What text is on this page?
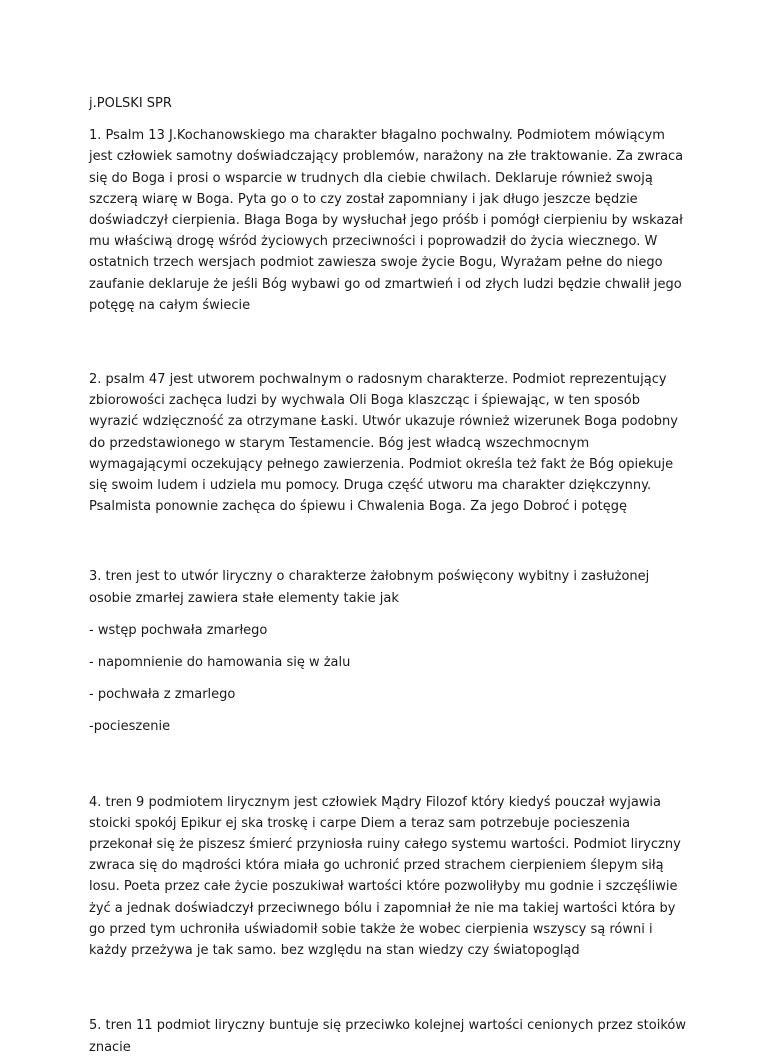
j.POLSKI SPR

1. Psalm 13 J.Kochanowskiego ma charakter błagalno pochwalny. Podmiotem mówiącym jest człowiek samotny doświadczający problemów, narażony na złe traktowanie. Za zwraca się do Boga i prosi o wsparcie w trudnych dla ciebie chwilach. Deklaruje również swoją szczerą wiarę w Boga. Pyta go o to czy został zapomniany i jak długo jeszcze będzie doświadczył cierpienia. Błaga Boga by wysłuchał jego próśb i pomógł cierpieniu by wskazał mu właściwą drogę wśród życiowych przeciwności i poprowadził do życia wiecznego. W ostatnich trzech wersjach podmiot zawiesza swoje życie Bogu, Wyrażam pełne do niego zaufanie deklaruje że jeśli Bóg wybawi go od zmartwień i od złych ludzi będzie chwalił jego potęgę na całym świecie

2. psalm 47 jest utworem pochwalnym o radosnym charakterze. Podmiot reprezentujący zbiorowości zachęca ludzi by wychwala Oli Boga klaszcząc i śpiewając, w ten sposób wyrazić wdzięczność za otrzymane Łaski. Utwór ukazuje również wizerunek Boga podobny do przedstawionego w starym Testamencie. Bóg jest władcą wszechmocnym wymagającymi oczekujący pełnego zawierzenia. Podmiot określa też fakt że Bóg opiekuje się swoim ludem i udziela mu pomocy. Druga część utworu ma charakter dziękczynny. Psalmista ponownie zachęca do śpiewu i Chwalenia Boga. Za jego Dobroć i potęgę

3. tren jest to utwór liryczny o charakterze żałobnym poświęcony wybitny i zasłużonej osobie zmarłej zawiera stałe elementy takie jak

- wstęp pochwała zmarłego

- napomnienie do hamowania się w żalu

- pochwała z zmarlego

-pocieszenie

4. tren 9 podmiotem lirycznym jest człowiek Mądry Filozof który kiedyś pouczał wyjawia stoicki spokój Epikur ej ska troskę i carpe Diem a teraz sam potrzebuje pocieszenia przekonał się że piszesz śmierć przyniosła ruiny całego systemu wartości. Podmiot liryczny zwraca się do mądrości która miała go uchronić przed strachem cierpieniem ślepym siłą losu. Poeta przez całe życie poszukiwał wartości które pozwoliłyby mu godnie i szczęśliwie żyć a jednak doświadczył przeciwnego bólu i zapomniał że nie ma takiej wartości która by go przed tym uchroniła uświadomił sobie także że wobec cierpienia wszyscy są równi i każdy przeżywa je tak samo. bez względu na stan wiedzy czy światopogląd

5. tren 11 podmiot liryczny buntuje się przeciwko kolejnej wartości cenionych przez stoików znacie
